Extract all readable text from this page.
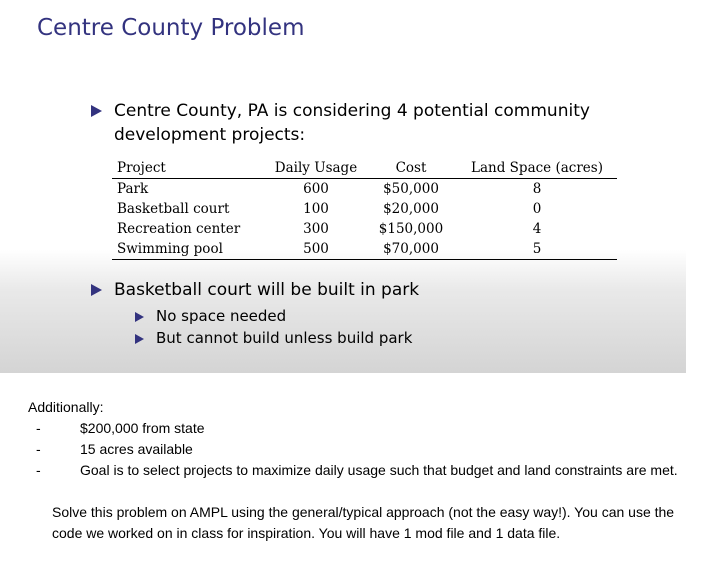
Centre County Problem
Centre County, PA is considering 4 potential community
development projects:
Project	Daily Usage	Cost	Land Space (acres)
Park	600	$50,000	8
Basketball court	100	$20,000	0
Recreation center	300	$150,000	4
Swimming pool	500	$70,000	5
Basketball court will be built in park
No space needed
But cannot build unless build park
Additionally:
-	$200,000 from state
-	15 acres available
-	Goal is to select projects to maximize daily usage such that budget and land constraints are met.
Solve this problem on AMPL using the general/typical approach (not the easy way!). You can use the code we worked on in class for inspiration. You will have 1 mod file and 1 data file.
